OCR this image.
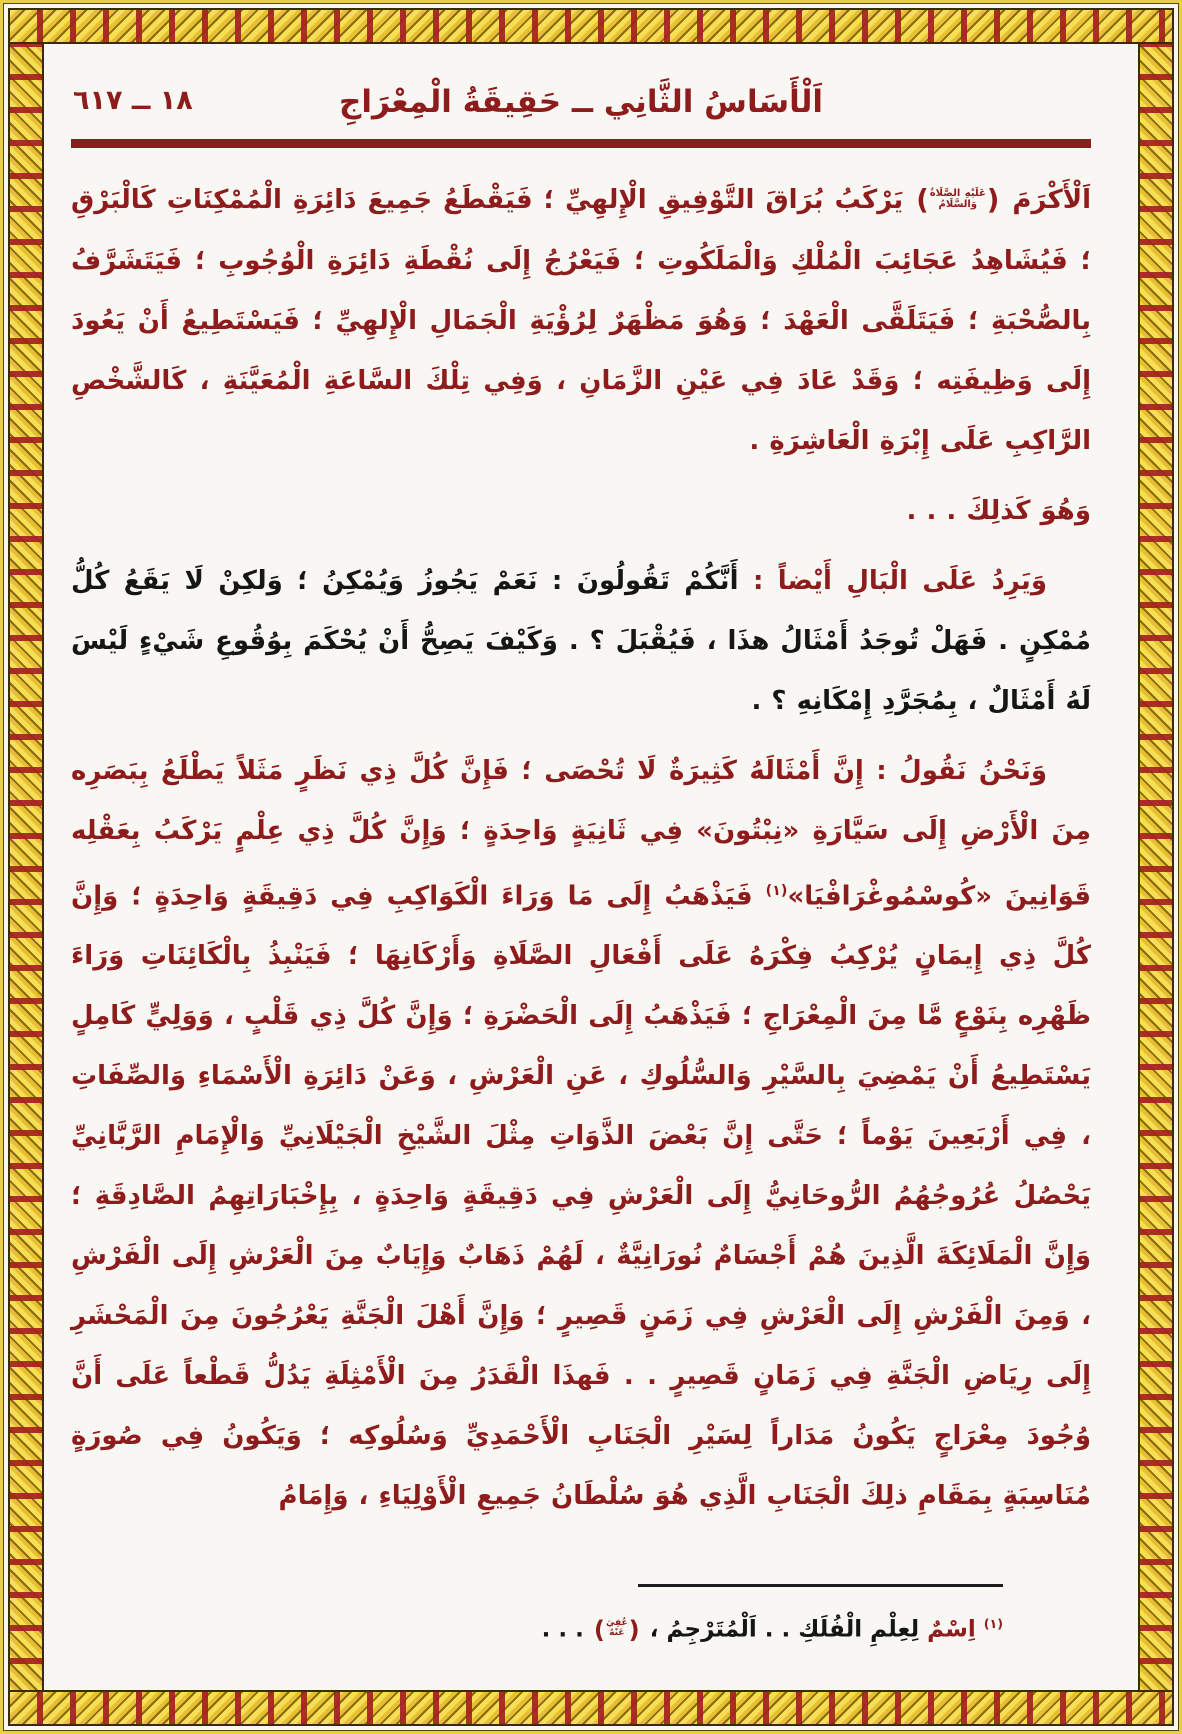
١٨ ــ ٦١٧	اَلْأَسَاسُ الثَّانِي ــ حَقِيقَةُ الْمِعْرَاجِ

اَلْأَكْرَمَ
(
عَلَيْهِ الصَّلَاةُ
وَالسَّلَامُ
)
يَرْكَبُ بُرَاقَ التَّوْفِيقِ الْإِلهِيِّ ؛ فَيَقْطَعُ جَمِيعَ دَائِرَةِ الْمُمْكِنَاتِ كَالْبَرْقِ ؛ فَيُشَاهِدُ عَجَائِبَ الْمُلْكِ وَالْمَلَكُوتِ ؛ فَيَعْرُجُ إِلَى نُقْطَةِ دَائِرَةِ الْوُجُوبِ ؛ فَيَتَشَرَّفُ بِالصُّحْبَةِ ؛ فَيَتَلَقَّى الْعَهْدَ ؛ وَهُوَ مَظْهَرٌ لِرُؤْيَةِ الْجَمَالِ الْإِلهِيِّ ؛ فَيَسْتَطِيعُ أَنْ يَعُودَ إِلَى وَظِيفَتِه ؛ وَقَدْ عَادَ فِي عَيْنِ الزَّمَانِ ، وَفِي تِلْكَ السَّاعَةِ الْمُعَيَّنَةِ ، كَالشَّخْصِ الرَّاكِبِ عَلَى إِبْرَةِ الْعَاشِرَةِ .

وَهُوَ كَذلِكَ . . .

وَيَرِدُ عَلَى الْبَالِ أَيْضاً : أَنَّكُمْ تَقُولُونَ : نَعَمْ يَجُوزُ وَيُمْكِنُ ؛ وَلكِنْ لَا يَقَعُ كُلُّ مُمْكِنٍ . فَهَلْ تُوجَدُ أَمْثَالُ هذَا ، فَيُقْبَلَ ؟ . وَكَيْفَ يَصِحُّ أَنْ يُحْكَمَ بِوُقُوعِ شَيْءٍ لَيْسَ لَهُ أَمْثَالٌ ، بِمُجَرَّدِ إِمْكَانِهِ ؟ .

وَنَحْنُ نَقُولُ : إِنَّ أَمْثَالَهُ كَثِيرَةٌ لَا تُحْصَى ؛ فَإِنَّ كُلَّ ذِي نَظَرٍ مَثَلاً يَطْلَعُ بِبَصَرِه مِنَ الْأَرْضِ إِلَى سَيَّارَةِ «نِبْتُونَ» فِي ثَانِيَةٍ وَاحِدَةٍ ؛ وَإِنَّ كُلَّ ذِي عِلْمٍ يَرْكَبُ بِعَقْلِه قَوَانِينَ «كُوسْمُوغْرَافْيَا»$^{(١)}$ فَيَذْهَبُ إِلَى مَا وَرَاءَ الْكَوَاكِبِ فِي دَقِيقَةٍ وَاحِدَةٍ ؛ وَإِنَّ كُلَّ ذِي إِيمَانٍ يُرْكِبُ فِكْرَهُ عَلَى أَفْعَالِ الصَّلَاةِ وَأَرْكَانِهَا ؛ فَيَنْبِذُ بِالْكَائِنَاتِ وَرَاءَ ظَهْرِه بِنَوْعٍ مَّا مِنَ الْمِعْرَاجِ ؛ فَيَذْهَبُ إِلَى الْحَضْرَةِ ؛ وَإِنَّ كُلَّ ذِي قَلْبٍ ، وَوَلِيٍّ كَامِلٍ يَسْتَطِيعُ أَنْ يَمْضِيَ بِالسَّيْرِ وَالسُّلُوكِ ، عَنِ الْعَرْشِ ، وَعَنْ دَائِرَةِ الْأَسْمَاءِ وَالصِّفَاتِ ، فِي أَرْبَعِينَ يَوْماً ؛ حَتَّى إِنَّ بَعْضَ الذَّوَاتِ مِثْلَ الشَّيْخِ الْجَيْلَانِيِّ وَالْإِمَامِ الرَّبَّانِيِّ يَحْصُلُ عُرُوجُهُمُ الرُّوحَانِيُّ إِلَى الْعَرْشِ فِي دَقِيقَةٍ وَاحِدَةٍ ، بِإِخْبَارَاتِهِمُ الصَّادِقَةِ ؛ وَإِنَّ الْمَلَائِكَةَ الَّذِينَ هُمْ أَجْسَامٌ نُورَانِيَّةٌ ، لَهُمْ ذَهَابٌ وَإِيَابٌ مِنَ الْعَرْشِ إِلَى الْفَرْشِ ، وَمِنَ الْفَرْشِ إِلَى الْعَرْشِ فِي زَمَنٍ قَصِيرٍ ؛ وَإِنَّ أَهْلَ الْجَنَّةِ يَعْرُجُونَ مِنَ الْمَحْشَرِ إِلَى رِيَاضِ الْجَنَّةِ فِي زَمَانٍ قَصِيرٍ . . فَهذَا الْقَدَرُ مِنَ الْأَمْثِلَةِ يَدُلُّ قَطْعاً عَلَى أَنَّ وُجُودَ مِعْرَاجٍ يَكُونُ مَدَاراً لِسَيْرِ الْجَنَابِ الْأَحْمَدِيِّ وَسُلُوكِه ؛ وَيَكُونُ فِي صُورَةٍ مُنَاسِبَةٍ بِمَقَامِ ذلِكَ الْجَنَابِ الَّذِي هُوَ سُلْطَانُ جَمِيعِ الْأَوْلِيَاءِ ، وَإِمَامُ

$^{(١)}$ اِسْمٌ لِعِلْمِ الْفُلَكِ . . اَلْمُتَرْجِمُ ،
(
عُفِيَ
عَنْهُ
)
. . .
